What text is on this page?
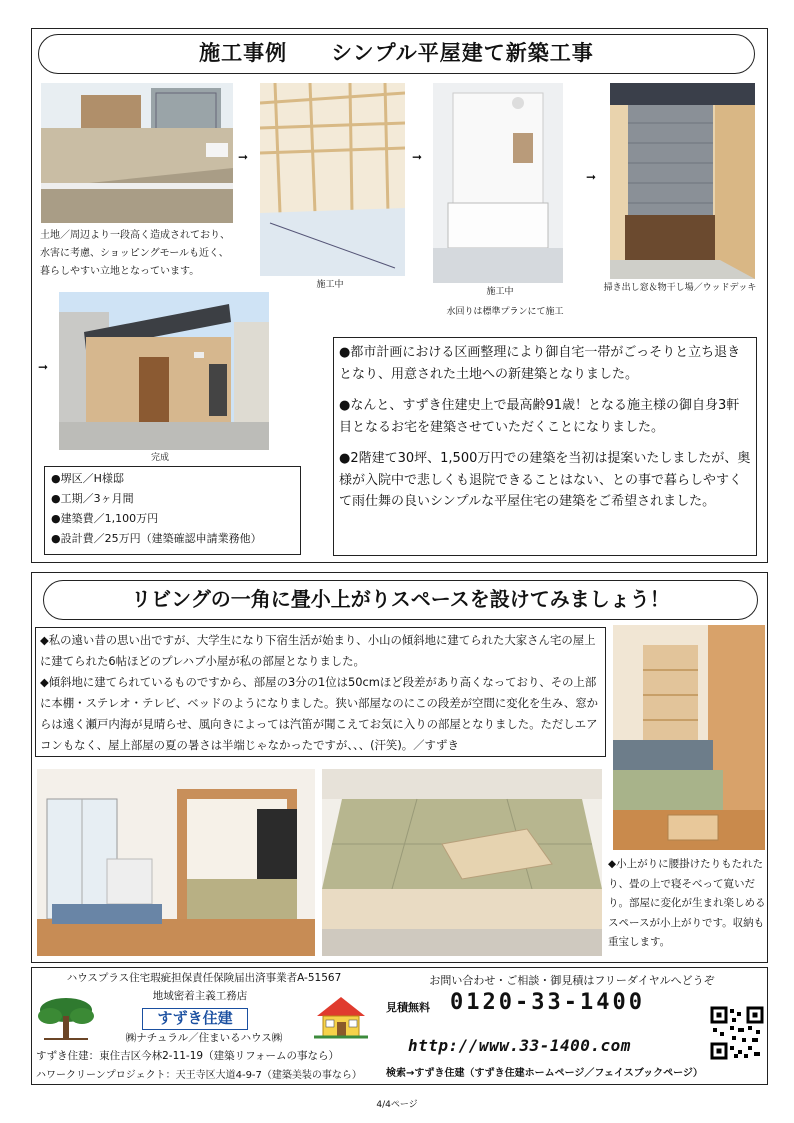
施工事例　　シンプル平屋建て新築工事
土地／周辺より一段高く造成されており、
水害に考慮、ショッピングモールも近く、
暮らしやすい立地となっています。
➞
施工中
➞
施工中
水回りは標準プランにて施工
➞
掃き出し窓＆物干し場／ウッドデッキ
➞
完成
●堺区／H様邸
●工期／3ヶ月間
●建築費／1,100万円
●設計費／25万円（建築確認申請業務他）

●都市計画における区画整理により御自宅一帯がごっそりと立ち退きとなり、用意された土地への新建築となりました。

●なんと、すずき住建史上で最高齢91歳！となる施主様の御自身3軒目となるお宅を建築させていただくことになりました。

●2階建て30坪、1,500万円での建築を当初は提案いたしましたが、奥様が入院中で悲しくも退院できることはない、との事で暮らしやすくて雨仕舞の良いシンプルな平屋住宅の建築をご希望されました。

リビングの一角に畳小上がりスペースを設けてみましょう！

◆私の遠い昔の思い出ですが、大学生になり下宿生活が始まり、小山の傾斜地に建てられた大家さん宅の屋上に建てられた6帖ほどのプレハブ小屋が私の部屋となりました。

◆傾斜地に建てられているものですから、部屋の3分の1位は50cmほど段差があり高くなっており、その上部に本棚・ステレオ・テレビ、ベッドのようになりました。狭い部屋なのにこの段差が空間に変化を生み、窓からは遠く瀬戸内海が見晴らせ、風向きによっては汽笛が聞こえてお気に入りの部屋となりました。ただしエアコンもなく、屋上部屋の夏の暑さは半端じゃなかったですが、、、(汗笑)。／すずき

◆小上がりに腰掛けたりもたれたり、畳の上で寝そべって寛いだり。部屋に変化が生まれ楽しめるスペースが小上がりです。収納も重宝します。
ハウスプラス住宅瑕疵担保責任保険届出済事業者A-51567
地域密着主義工務店
すずき住建
㈱ナチュラル／住まいるハウス㈱
すずき住建：東住吉区今林2-11-19（建築リフォームの事なら）
ハワークリーンプロジェクト：天王寺区大道4-9-7（建築美装の事なら）
お問い合わせ・ご相談・御見積はフリーダイヤルへどうぞ
見積無料 0120-33-1400
http://www.33-1400.com
検索→すずき住建（すずき住建ホームページ／フェイスブックページ）
4/4ページ
